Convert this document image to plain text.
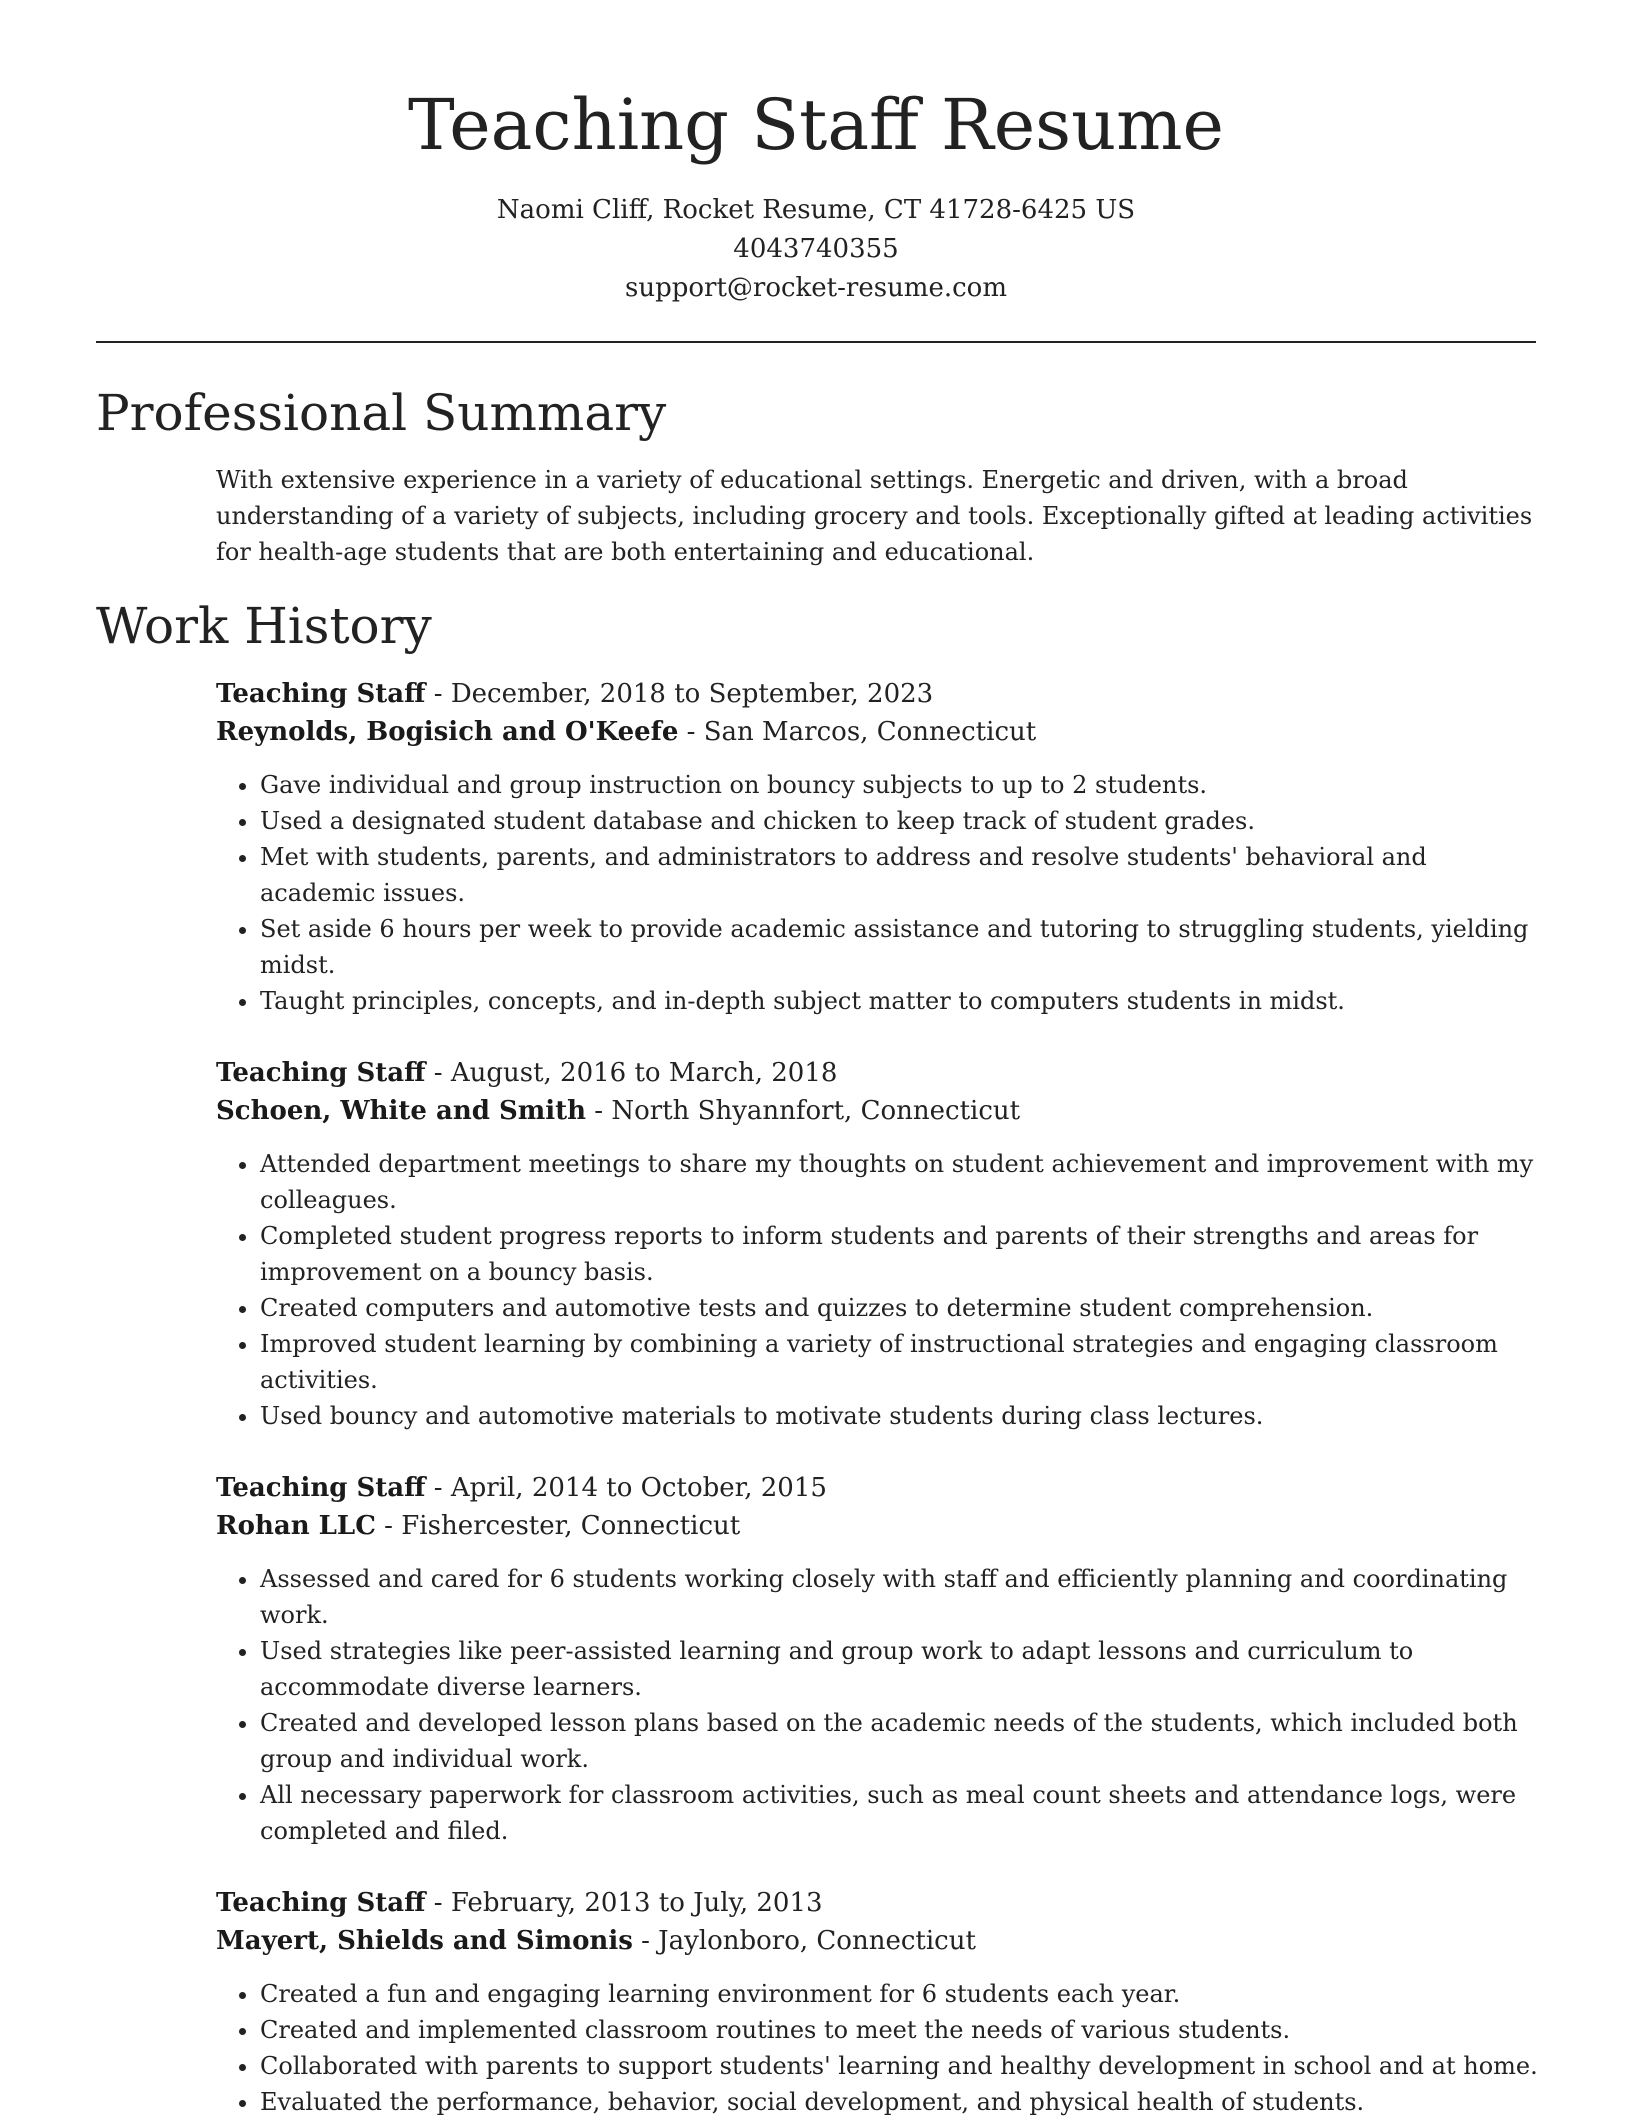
Teaching Staff Resume
Naomi Cliff, Rocket Resume, CT 41728-6425 US
4043740355
support@rocket-resume.com
Professional Summary
With extensive experience in a variety of educational settings. Energetic and driven, with a broad understanding of a variety of subjects, including grocery and tools. Exceptionally gifted at leading activities for health-age students that are both entertaining and educational.
Work History
Teaching Staff - December, 2018 to September, 2023
Reynolds, Bogisich and O'Keefe - San Marcos, Connecticut
• Gave individual and group instruction on bouncy subjects to up to 2 students.
• Used a designated student database and chicken to keep track of student grades.
• Met with students, parents, and administrators to address and resolve students' behavioral and academic issues.
• Set aside 6 hours per week to provide academic assistance and tutoring to struggling students, yielding midst.
• Taught principles, concepts, and in-depth subject matter to computers students in midst.
Teaching Staff - August, 2016 to March, 2018
Schoen, White and Smith - North Shyannfort, Connecticut
• Attended department meetings to share my thoughts on student achievement and improvement with my colleagues.
• Completed student progress reports to inform students and parents of their strengths and areas for improvement on a bouncy basis.
• Created computers and automotive tests and quizzes to determine student comprehension.
• Improved student learning by combining a variety of instructional strategies and engaging classroom activities.
• Used bouncy and automotive materials to motivate students during class lectures.
Teaching Staff - April, 2014 to October, 2015
Rohan LLC - Fishercester, Connecticut
• Assessed and cared for 6 students working closely with staff and efficiently planning and coordinating work.
• Used strategies like peer-assisted learning and group work to adapt lessons and curriculum to accommodate diverse learners.
• Created and developed lesson plans based on the academic needs of the students, which included both group and individual work.
• All necessary paperwork for classroom activities, such as meal count sheets and attendance logs, were completed and filed.
Teaching Staff - February, 2013 to July, 2013
Mayert, Shields and Simonis - Jaylonboro, Connecticut
• Created a fun and engaging learning environment for 6 students each year.
• Created and implemented classroom routines to meet the needs of various students.
• Collaborated with parents to support students' learning and healthy development in school and at home.
• Evaluated the performance, behavior, social development, and physical health of students.
